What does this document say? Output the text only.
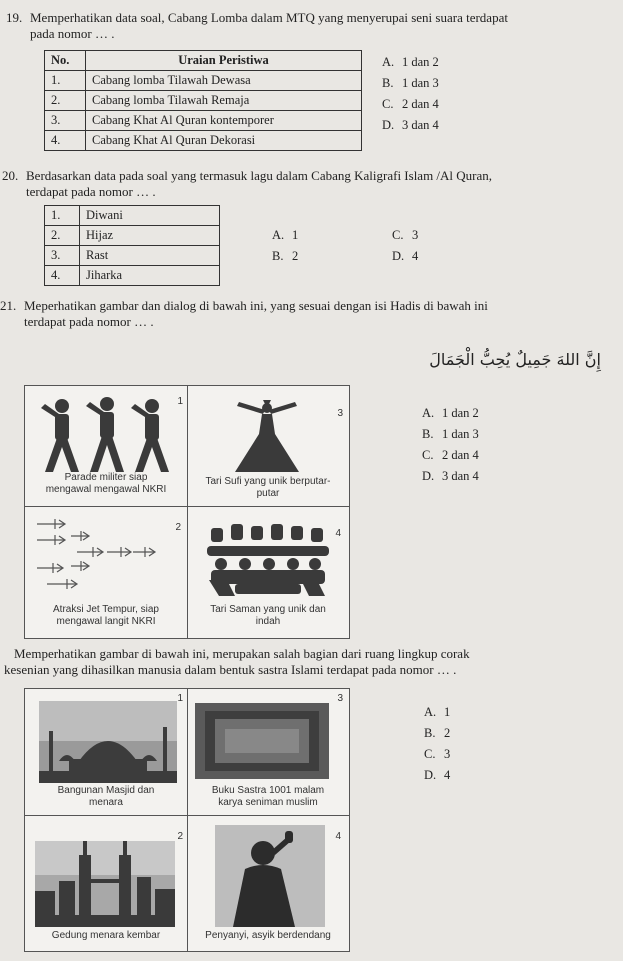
19. Memperhatikan data soal, Cabang Lomba dalam MTQ yang menyerupai seni suara terdapat
pada nomor … .
No.	Uraian Peristiwa
1.	Cabang lomba Tilawah Dewasa
2.	Cabang lomba Tilawah Remaja
3.	Cabang Khat Al Quran kontemporer
4.	Cabang Khat Al Quran Dekorasi
A. 1 dan 2
B. 1 dan 3
C. 2 dan 4
D. 3 dan 4
20. Berdasarkan data pada soal yang termasuk lagu dalam Cabang Kaligrafi Islam /Al Quran,
terdapat pada nomor … .
1.	Diwani
2.	Hijaz
3.	Rast
4.	Jiharka
A. 1	C. 3
B. 2	D. 4
21. Meperhatikan gambar dan dialog di bawah ini, yang sesuai dengan isi Hadis di bawah ini
terdapat pada nomor … .
إِنَّ اللهَ جَمِيلٌ يُحِبُّ الْجَمَالَ
1
Parade militer siap
mengawal mengawal NKRI
3
Tari Sufi yang unik berputar-
putar
2
Atraksi Jet Tempur, siap
mengawal langit NKRI
4
Tari Saman yang unik dan
indah
A. 1 dan 2
B. 1 dan 3
C. 2 dan 4
D. 3 dan 4
Memperhatikan gambar di bawah ini, merupakan salah bagian dari ruang lingkup corak
kesenian yang dihasilkan manusia dalam bentuk sastra Islami terdapat pada nomor … .
1
Bangunan Masjid dan
menara
3
Buku Sastra 1001 malam
karya seniman muslim
2
Gedung menara kembar
4
Penyanyi, asyik berdendang
A. 1
B. 2
C. 3
D. 4
